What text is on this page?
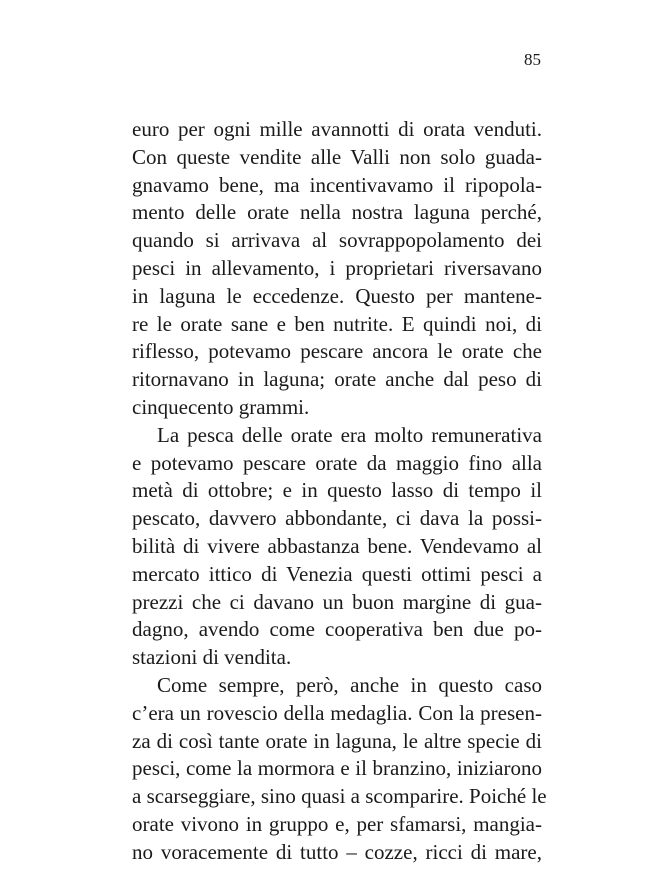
85
euro per ogni mille avannotti di orata venduti.
Con queste vendite alle Valli non solo guada-
gnavamo bene, ma incentivavamo il ripopola-
mento delle orate nella nostra laguna perché,
quando si arrivava al sovrappopolamento dei
pesci in allevamento, i proprietari riversavano
in laguna le eccedenze. Questo per mantene-
re le orate sane e ben nutrite. E quindi noi, di
riflesso, potevamo pescare ancora le orate che
ritornavano in laguna; orate anche dal peso di
cinquecento grammi.
La pesca delle orate era molto remunerativa
e potevamo pescare orate da maggio fino alla
metà di ottobre; e in questo lasso di tempo il
pescato, davvero abbondante, ci dava la possi-
bilità di vivere abbastanza bene. Vendevamo al
mercato ittico di Venezia questi ottimi pesci a
prezzi che ci davano un buon margine di gua-
dagno, avendo come cooperativa ben due po-
stazioni di vendita.
Come sempre, però, anche in questo caso
c’era un rovescio della medaglia. Con la presen-
za di così tante orate in laguna, le altre specie di
pesci, come la mormora e il branzino, iniziarono
a scarseggiare, sino quasi a scomparire. Poiché le
orate vivono in gruppo e, per sfamarsi, mangia-
no voracemente di tutto – cozze, ricci di mare,
